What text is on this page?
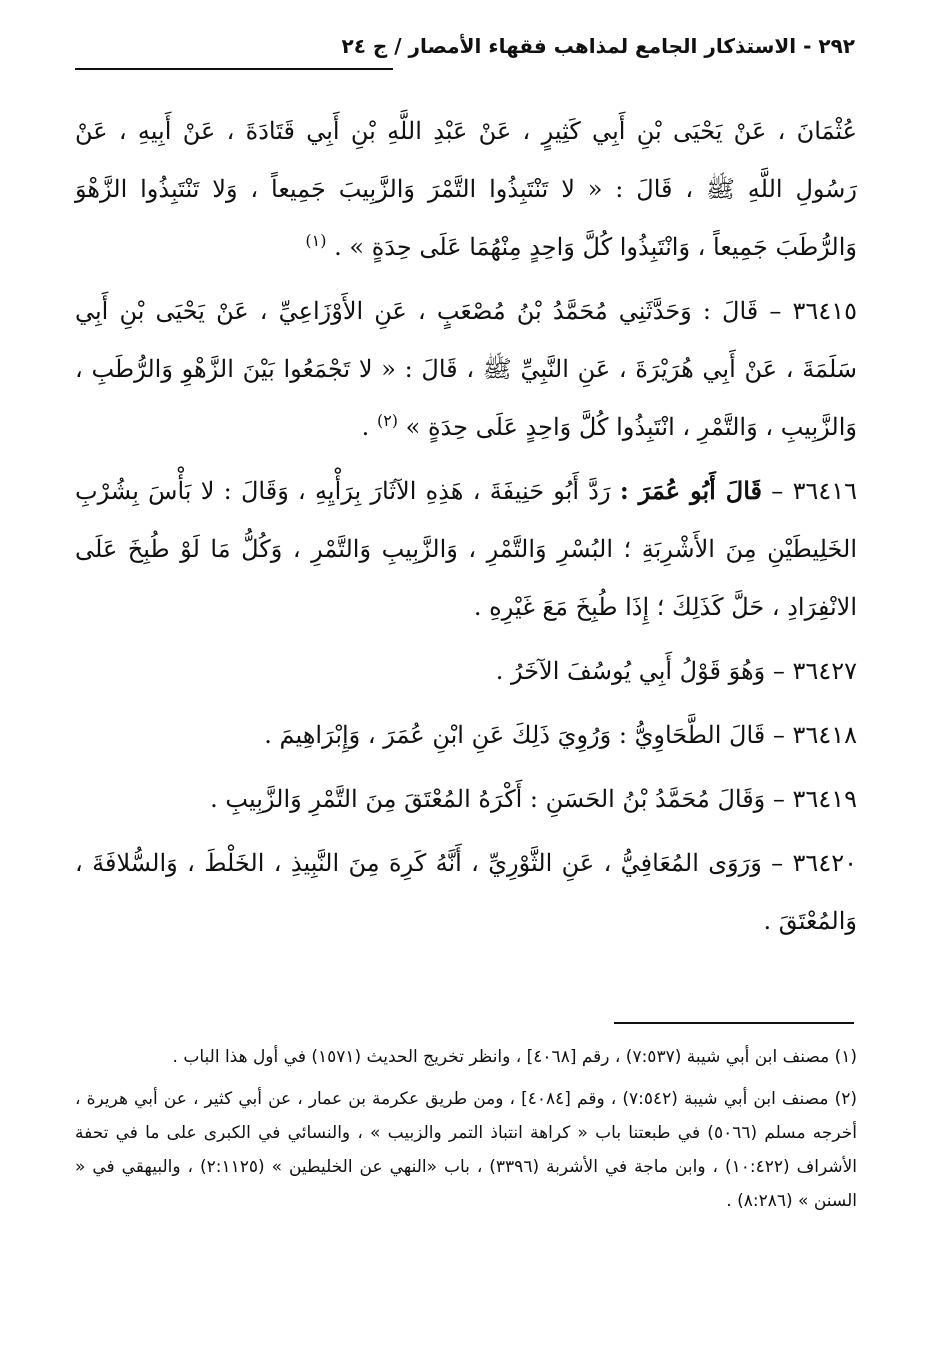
٢٩٢ - الاستذكار الجامع لمذاهب فقهاء الأمصار / ج ٢٤

عُثْمَانَ ، عَنْ يَحْيَى بْنِ أَبِي كَثِيرٍ ، عَنْ عَبْدِ اللَّهِ بْنِ أَبِي قَتَادَةَ ، عَنْ أَبِيهِ ، عَنْ رَسُولِ اللَّهِ ﷺ ، قَالَ : « لا تَنْتَبِذُوا التَّمْرَ وَالزَّبِيبَ جَمِيعاً ، وَلا تَنْتَبِذُوا الزَّهْوَ وَالرُّطَبَ جَمِيعاً ، وَانْتَبِذُوا كُلَّ وَاحِدٍ مِنْهُمَا عَلَى حِدَةٍ » . $^{(١)}$

٣٦٤١٥ – قَالَ : وَحَدَّثَنِي مُحَمَّدُ بْنُ مُصْعَبٍ ، عَنِ الأَوْزَاعِيِّ ، عَنْ يَحْيَى بْنِ أَبِي سَلَمَةَ ، عَنْ أَبِي هُرَيْرَةَ ، عَنِ النَّبِيِّ ﷺ ، قَالَ : « لا تَجْمَعُوا بَيْنَ الزَّهْوِ وَالرُّطَبِ ، وَالزَّبِيبِ ، وَالتَّمْرِ ، انْتَبِذُوا كُلَّ وَاحِدٍ عَلَى حِدَةٍ » $^{(٢)}$ .

٣٦٤١٦ – قَالَ أَبُو عُمَرَ : رَدَّ أَبُو حَنِيفَةَ ، هَذِهِ الآثَارَ بِرَأْيِهِ ، وَقَالَ : لا بَأْسَ بِشُرْبِ الخَلِيطَيْنِ مِنَ الأَشْرِبَةِ ؛ البُسْرِ وَالتَّمْرِ ، وَالزَّبِيبِ وَالتَّمْرِ ، وَكُلُّ مَا لَوْ طُبِخَ عَلَى الانْفِرَادِ ، حَلَّ كَذَلِكَ ؛ إِذَا طُبِخَ مَعَ غَيْرِهِ .

٣٦٤٢٧ – وَهُوَ قَوْلُ أَبِي يُوسُفَ الآخَرُ .

٣٦٤١٨ – قَالَ الطَّحَاوِيُّ : وَرُوِيَ ذَلِكَ عَنِ ابْنِ عُمَرَ ، وَإِبْرَاهِيمَ .

٣٦٤١٩ – وَقَالَ مُحَمَّدُ بْنُ الحَسَنِ : أَكْرَهُ المُعْتَقَ مِنَ التَّمْرِ وَالزَّبِيبِ .

٣٦٤٢٠ – وَرَوَى المُعَافِيُّ ، عَنِ الثَّوْرِيِّ ، أَنَّهُ كَرِهَ مِنَ النَّبِيذِ ، الخَلْطَ ، وَالسُّلافَةَ ، وَالمُعْتَقَ .

(١) مصنف ابن أبي شيبة (٧:٥٣٧) ، رقم [٤٠٦٨] ، وانظر تخريج الحديث (١٥٧١) في أول هذا الباب .

(٢) مصنف ابن أبي شيبة (٧:٥٤٢) ، وقم [٤٠٨٤] ، ومن طريق عكرمة بن عمار ، عن أبي كثير ، عن أبي هريرة ، أخرجه مسلم (٥٠٦٦) في طبعتنا باب « كراهة انتباذ التمر والزبيب » ، والنسائي في الكبرى على ما في تحفة الأشراف (١٠:٤٢٢) ، وابن ماجة في الأشربة (٣٣٩٦) ، باب «النهي عن الخليطين » (٢:١١٢٥) ، والبيهقي في « السنن » (٨:٢٨٦) .
